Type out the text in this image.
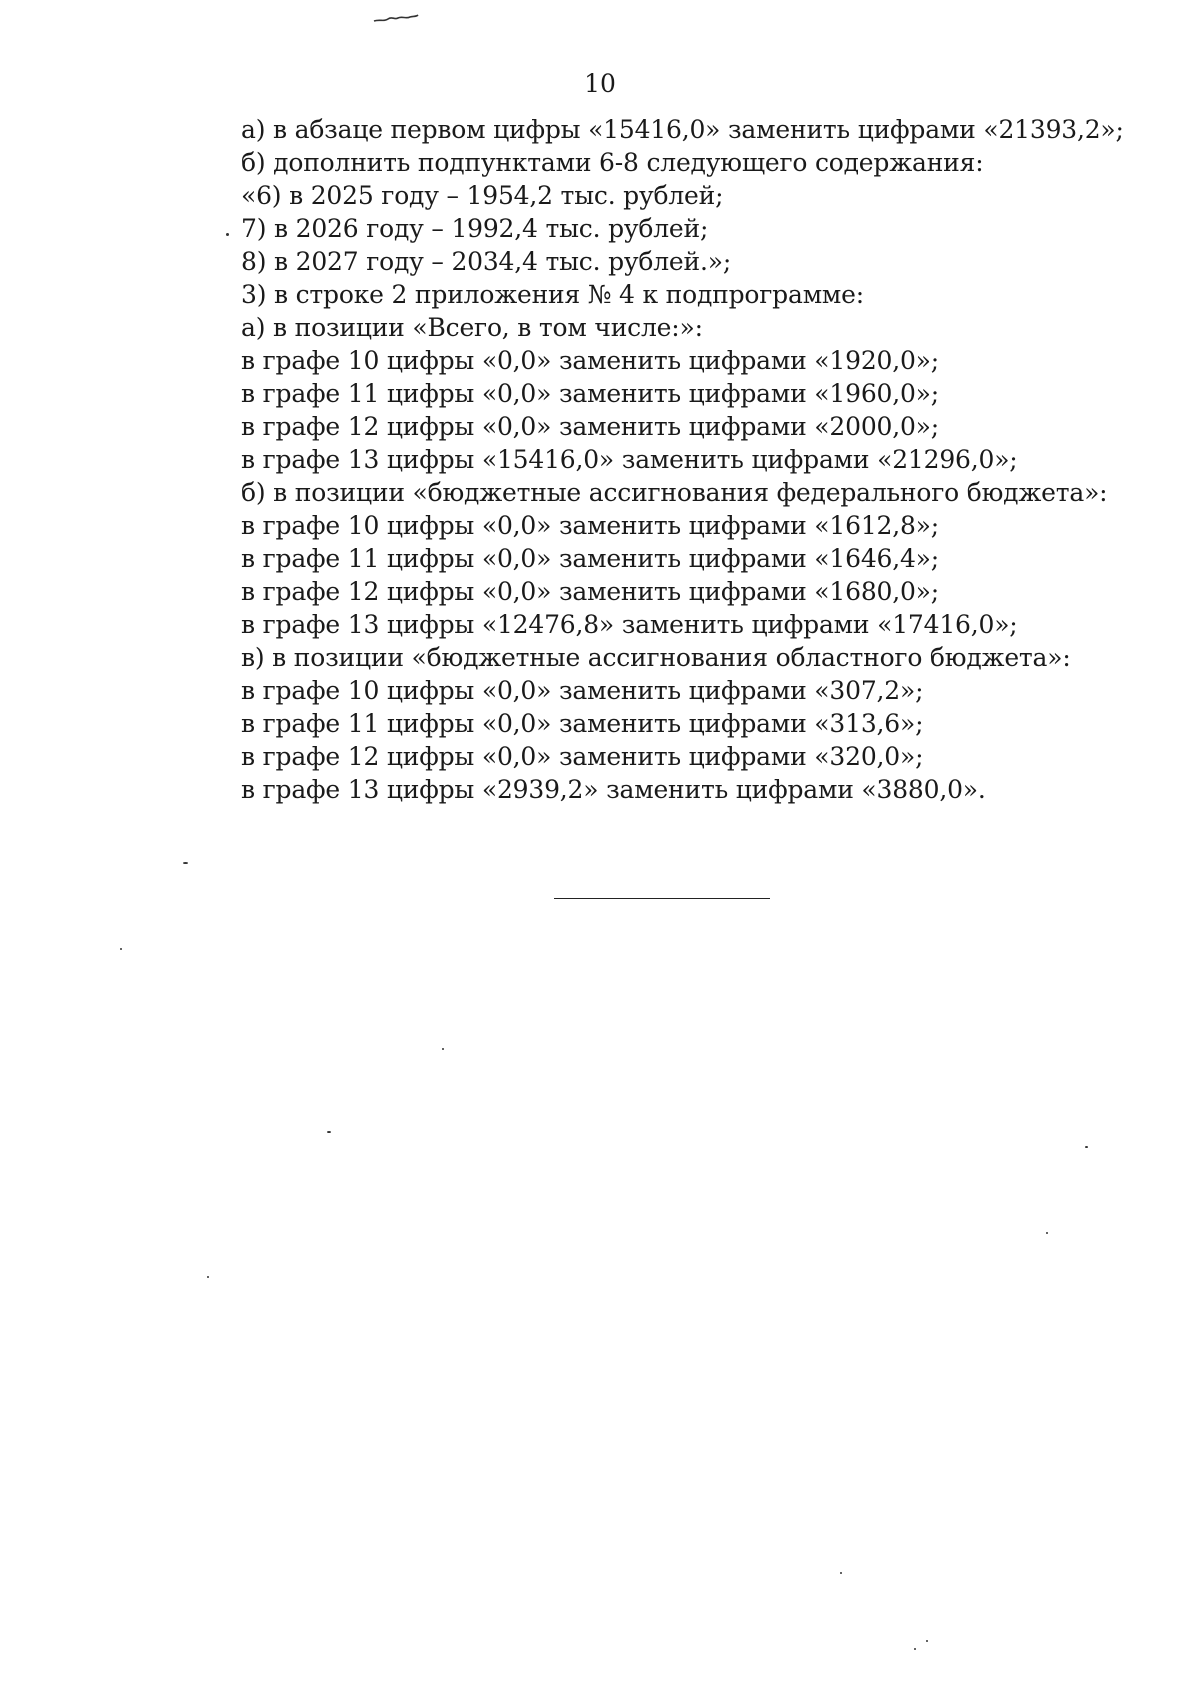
10
а) в абзаце первом цифры «15416,0» заменить цифрами «21393,2»;
б) дополнить подпунктами 6-8 следующего содержания:
«6) в 2025 году – 1954,2 тыс. рублей;
7) в 2026 году – 1992,4 тыс. рублей;
8) в 2027 году – 2034,4 тыс. рублей.»;
3) в строке 2 приложения № 4 к подпрограмме:
а) в позиции «Всего, в том числе:»:
в графе 10 цифры «0,0» заменить цифрами «1920,0»;
в графе 11 цифры «0,0» заменить цифрами «1960,0»;
в графе 12 цифры «0,0» заменить цифрами «2000,0»;
в графе 13 цифры «15416,0» заменить цифрами «21296,0»;
б) в позиции «бюджетные ассигнования федерального бюджета»:
в графе 10 цифры «0,0» заменить цифрами «1612,8»;
в графе 11 цифры «0,0» заменить цифрами «1646,4»;
в графе 12 цифры «0,0» заменить цифрами «1680,0»;
в графе 13 цифры «12476,8» заменить цифрами «17416,0»;
в) в позиции «бюджетные ассигнования областного бюджета»:
в графе 10 цифры «0,0» заменить цифрами «307,2»;
в графе 11 цифры «0,0» заменить цифрами «313,6»;
в графе 12 цифры «0,0» заменить цифрами «320,0»;
в графе 13 цифры «2939,2» заменить цифрами «3880,0».
